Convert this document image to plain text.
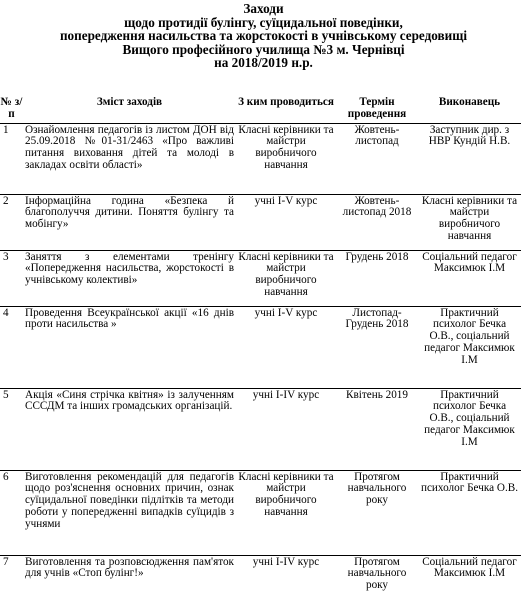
Заходи
щодо протидії булінгу, суїцидальної поведінки,
попередження насильства та жорстокості в учнівському середовищі
Вищого професійного училища №3 м. Чернівці
на 2018/2019 н.р.
№ з/п	Зміст заходів	З ким проводиться	Термін проведення	Виконавець
1	Ознайомлення педагогів із листом ДОН від 25.09.2018 №01-31/2463 «Про важливі питання виховання дітей та молоді в закладах освіти області»	Класні керівники та майстри виробничого навчання	Жовтень-листопад	Заступник дир. з НВР Кундій Н.В.
2	Інформаційна година «Безпека й благополуччя дитини. Поняття булінгу та мобінгу»	учні I-V курс	Жовтень-листопад 2018	Класні керівники та майстри виробничого навчання
3	Заняття з елементами тренінгу «Попередження насильства, жорстокості в учнівському колективі»	Класні керівники та майстри виробничого навчання	Грудень 2018	Соціальний педагог Максимюк І.М
4	Проведення Всеукраїнської акції «16 днів проти насильства »	учні I-V курс	Листопад-Грудень 2018	Практичний психолог Бечка О.В., соціальний педагог Максимюк І.М
5	Акція «Синя стрічка квітня» із залученням СССДМ та інших громадських організацій.	учні I-IV курс	Квітень 2019	Практичний психолог Бечка О.В., соціальний педагог Максимюк І.М
6	Виготовлення рекомендацій для педагогів щодо роз'яснення основних причин, ознак суїцидальної поведінки підлітків та методи роботи у попередженні випадків суїцидів з учнями	Класні керівники та майстри виробничого навчання	Протягом навчального року	Практичний психолог Бечка О.В.
7	Виготовлення та розповсюдження пам'яток для учнів «Стоп булінг!»	учні I-IV курс	Протягом навчального року	Соціальний педагог Максимюк І.М
